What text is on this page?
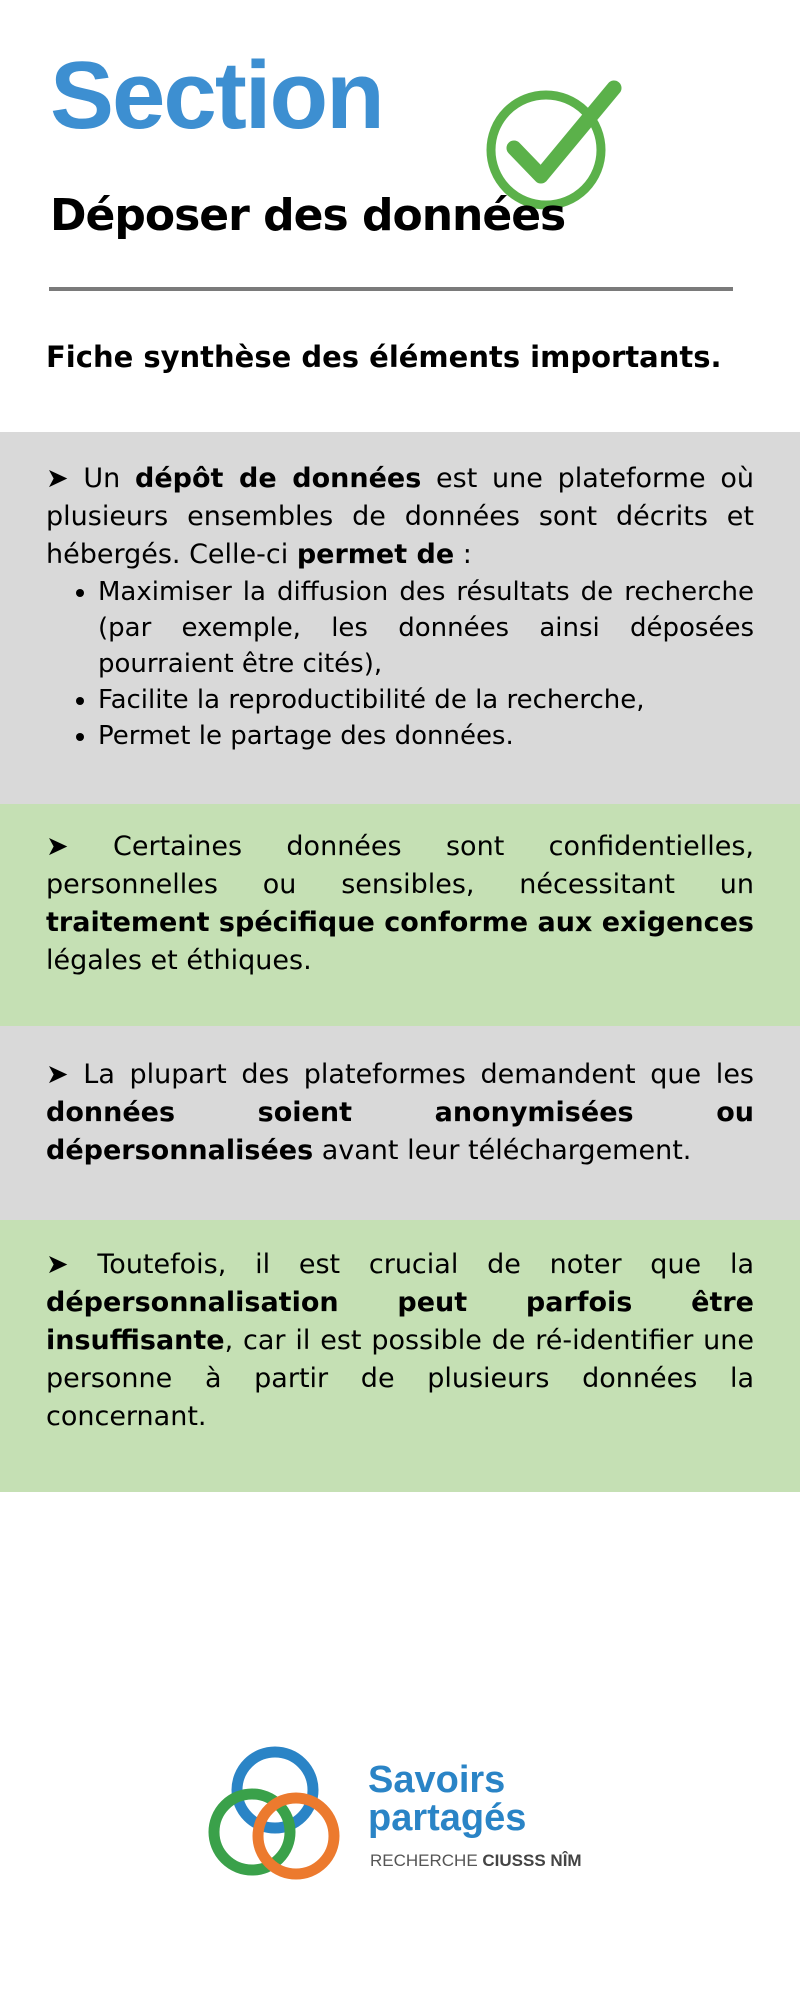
Section
Déposer des données
Fiche synthèse des éléments importants.

➤ Un dépôt de données est une plateforme où plusieurs ensembles de données sont décrits et hébergés. Celle-ci permet de :

• Maximiser la diffusion des résultats de recherche (par exemple, les données ainsi déposées pourraient être cités),
• Facilite la reproductibilité de la recherche,
• Permet le partage des données.

➤ Certaines données sont confidentielles, personnelles ou sensibles, nécessitant un traitement spécifique conforme aux exigences légales et éthiques.

➤ La plupart des plateformes demandent que les données soient anonymisées ou dépersonnalisées avant leur téléchargement.

➤ Toutefois, il est crucial de noter que la dépersonnalisation peut parfois être insuffisante, car il est possible de ré-identifier une personne à partir de plusieurs données la concernant.

Savoirs
partagés
RECHERCHE CIUSSS NÎM
